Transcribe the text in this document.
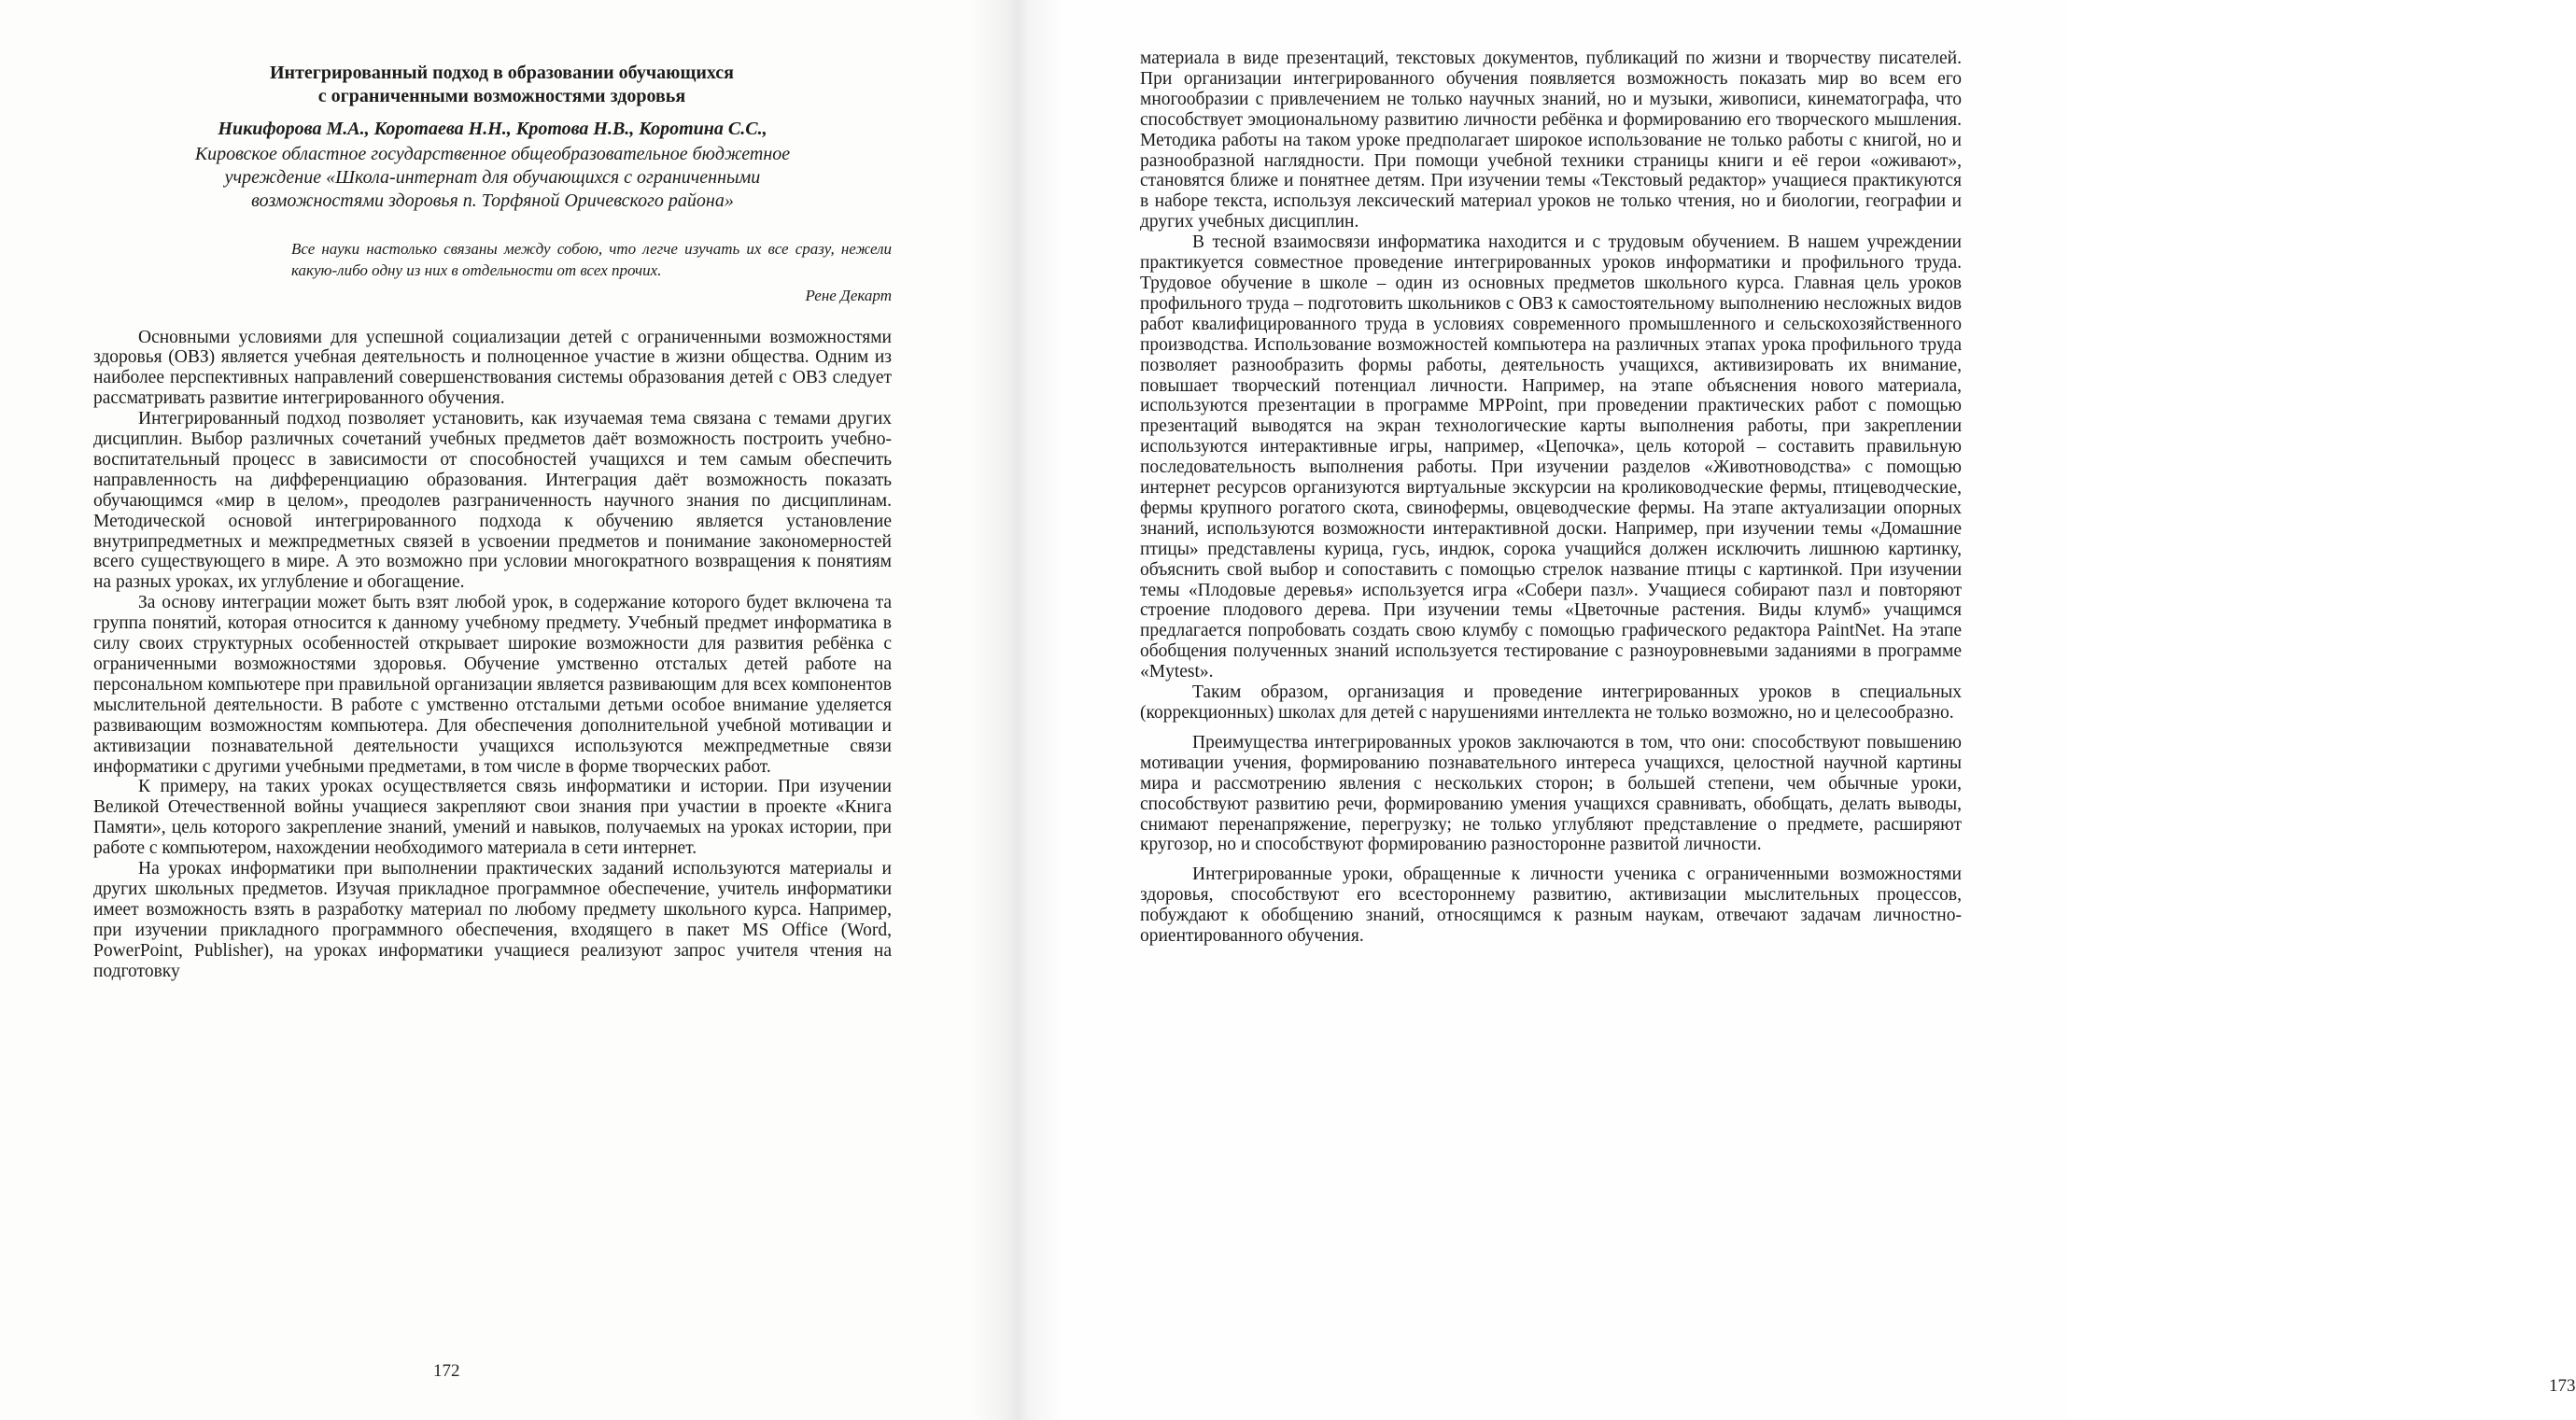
Интегрированный подход в образовании обучающихся
с ограниченными возможностями здоровья

Никифорова М.А., Коротаева Н.Н., Кротова Н.В., Коротина С.С.,

Кировское областное государственное общеобразовательное бюджетное
учреждение «Школа-интернат для обучающихся с ограниченными
возможностями здоровья п. Торфяной Оричевского района»

Все науки настолько связаны между собою, что легче изучать их все сразу, нежели какую-либо одну из них в отдельности от всех прочих.

Рене Декарт

Основными условиями для успешной социализации детей с ограниченными возможностями здоровья (ОВЗ) является учебная деятельность и полноценное участие в жизни общества. Одним из наиболее перспективных направлений совершенствования системы образования детей с ОВЗ следует рассматривать развитие интегрированного обучения.

Интегрированный подход позволяет установить, как изучаемая тема связана с темами других дисциплин. Выбор различных сочетаний учебных предметов даёт возможность построить учебно-воспитательный процесс в зависимости от способностей учащихся и тем самым обеспечить направленность на дифференциацию образования. Интеграция даёт возможность показать обучающимся «мир в целом», преодолев разграниченность научного знания по дисциплинам. Методической основой интегрированного подхода к обучению является установление внутрипредметных и межпредметных связей в усвоении предметов и понимание закономерностей всего существующего в мире. А это возможно при условии многократного возвращения к понятиям на разных уроках, их углубление и обогащение.

За основу интеграции может быть взят любой урок, в содержание которого будет включена та группа понятий, которая относится к данному учебному предмету. Учебный предмет информатика в силу своих структурных особенностей открывает широкие возможности для развития ребёнка с ограниченными возможностями здоровья. Обучение умственно отсталых детей работе на персональном компьютере при правильной организации является развивающим для всех компонентов мыслительной деятельности. В работе с умственно отсталыми детьми особое внимание уделяется развивающим возможностям компьютера. Для обеспечения дополнительной учебной мотивации и активизации познавательной деятельности учащихся используются межпредметные связи информатики с другими учебными предметами, в том числе в форме творческих работ.

К примеру, на таких уроках осуществляется связь информатики и истории. При изучении Великой Отечественной войны учащиеся закрепляют свои знания при участии в проекте «Книга Памяти», цель которого закрепление знаний, умений и навыков, получаемых на уроках истории, при работе с компьютером, нахождении необходимого материала в сети интернет.

На уроках информатики при выполнении практических заданий используются материалы и других школьных предметов. Изучая прикладное программное обеспечение, учитель информатики имеет возможность взять в разработку материал по любому предмету школьного курса. Например, при изучении прикладного программного обеспечения, входящего в пакет MS Office (Word, PowerPoint, Publisher), на уроках информатики учащиеся реализуют запрос учителя чтения на подготовку

172

материала в виде презентаций, текстовых документов, публикаций по жизни и творчеству писателей. При организации интегрированного обучения появляется возможность показать мир во всем его многообразии с привлечением не только научных знаний, но и музыки, живописи, кинематографа, что способствует эмоциональному развитию личности ребёнка и формированию его творческого мышления. Методика работы на таком уроке предполагает широкое использование не только работы с книгой, но и разнообразной наглядности. При помощи учебной техники страницы книги и её герои «оживают», становятся ближе и понятнее детям. При изучении темы «Текстовый редактор» учащиеся практикуются в наборе текста, используя лексический материал уроков не только чтения, но и биологии, географии и других учебных дисциплин.

В тесной взаимосвязи информатика находится и с трудовым обучением. В нашем учреждении практикуется совместное проведение интегрированных уроков информатики и профильного труда. Трудовое обучение в школе – один из основных предметов школьного курса. Главная цель уроков профильного труда – подготовить школьников с ОВЗ к самостоятельному выполнению несложных видов работ квалифицированного труда в условиях современного промышленного и сельскохозяйственного производства. Использование возможностей компьютера на различных этапах урока профильного труда позволяет разнообразить формы работы, деятельность учащихся, активизировать их внимание, повышает творческий потенциал личности. Например, на этапе объяснения нового материала, используются презентации в программе MPPoint, при проведении практических работ с помощью презентаций выводятся на экран технологические карты выполнения работы, при закреплении используются интерактивные игры, например, «Цепочка», цель которой – составить правильную последовательность выполнения работы. При изучении разделов «Животноводства» с помощью интернет ресурсов организуются виртуальные экскурсии на кролиководческие фермы, птицеводческие, фермы крупного рогатого скота, свинофермы, овцеводческие фермы. На этапе актуализации опорных знаний, используются возможности интерактивной доски. Например, при изучении темы «Домашние птицы» представлены курица, гусь, индюк, сорока учащийся должен исключить лишнюю картинку, объяснить свой выбор и сопоставить с помощью стрелок название птицы с картинкой. При изучении темы «Плодовые деревья» используется игра «Собери пазл». Учащиеся собирают пазл и повторяют строение плодового дерева. При изучении темы «Цветочные растения. Виды клумб» учащимся предлагается попробовать создать свою клумбу с помощью графического редактора PaintNet. На этапе обобщения полученных знаний используется тестирование с разноуровневыми заданиями в программе «Mytest».

Таким образом, организация и проведение интегрированных уроков в специальных (коррекционных) школах для детей с нарушениями интеллекта не только возможно, но и целесообразно.

Преимущества интегрированных уроков заключаются в том, что они: способствуют повышению мотивации учения, формированию познавательного интереса учащихся, целостной научной картины мира и рассмотрению явления с нескольких сторон; в большей степени, чем обычные уроки, способствуют развитию речи, формированию умения учащихся сравнивать, обобщать, делать выводы, снимают перенапряжение, перегрузку; не только углубляют представление о предмете, расширяют кругозор, но и способствуют формированию разносторонне развитой личности.

Интегрированные уроки, обращенные к личности ученика с ограниченными возможностями здоровья, способствуют его всестороннему развитию, активизации мыслительных процессов, побуждают к обобщению знаний, относящимся к разным наукам, отвечают задачам личностно-ориентированного обучения.

173
